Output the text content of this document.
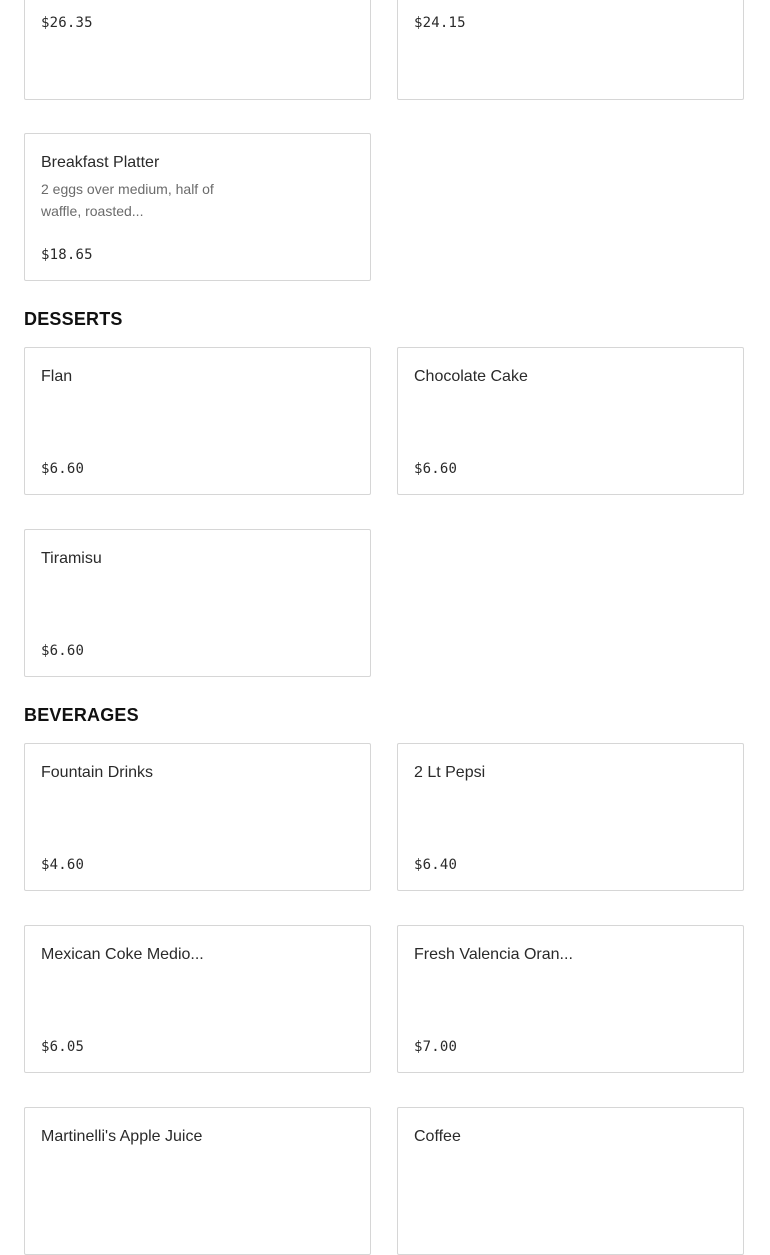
$26.35	$24.15
Breakfast Platter
2 eggs over medium, half of waffle, roasted...
$18.65
DESSERTS
Flan
$6.60
Chocolate Cake
$6.60
Tiramisu
$6.60
BEVERAGES
Fountain Drinks
$4.60
2 Lt Pepsi
$6.40
Mexican Coke Medio...
$6.05
Fresh Valencia Oran...
$7.00
Martinelli's Apple Juice	Coffee
